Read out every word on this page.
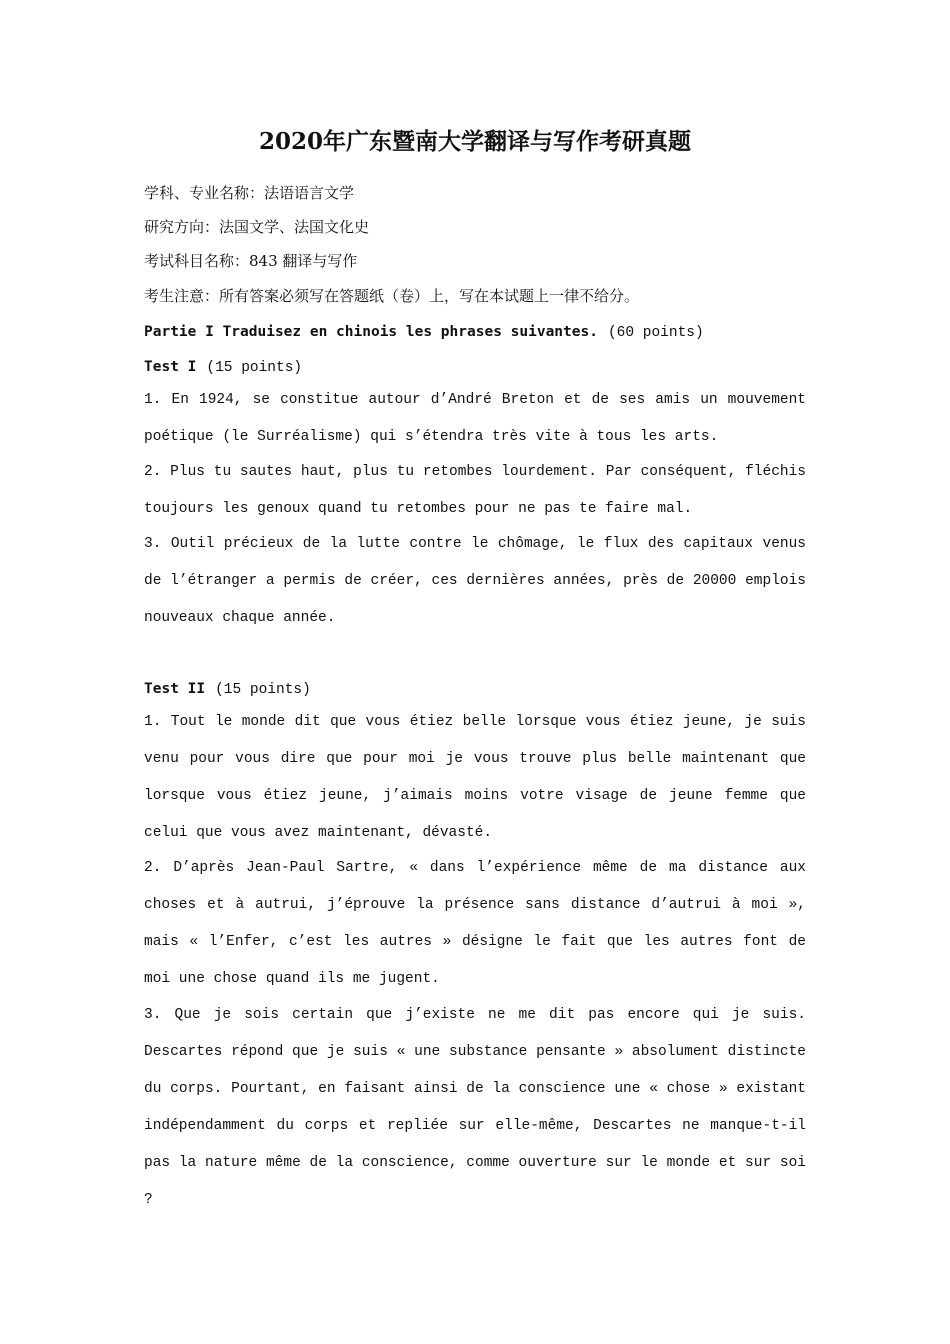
2020年广东暨南大学翻译与写作考研真题
学科、专业名称：法语语言文学
研究方向：法国文学、法国文化史
考试科目名称：843 翻译与写作
考生注意：所有答案必须写在答题纸（卷）上，写在本试题上一律不给分。
Partie I Traduisez en chinois les phrases suivantes. (60 points)
Test I (15 points)

1. En 1924, se constitue autour d’André Breton et de ses amis un mouvement poétique (le Surréalisme) qui s’étendra très vite à tous les arts.

2. Plus tu sautes haut, plus tu retombes lourdement. Par conséquent, fléchis toujours les genoux quand tu retombes pour ne pas te faire mal.

3. Outil précieux de la lutte contre le chômage, le flux des capitaux venus de l’étranger a permis de créer, ces dernières années, près de 20000 emplois nouveaux chaque année.

Test II (15 points)

1. Tout le monde dit que vous étiez belle lorsque vous étiez jeune, je suis venu pour vous dire que pour moi je vous trouve plus belle maintenant que lorsque vous étiez jeune, j’aimais moins votre visage de jeune femme que celui que vous avez maintenant, dévasté.

2. D’après Jean-Paul Sartre, « dans l’expérience même de ma distance aux choses et à autrui, j’éprouve la présence sans distance d’autrui à moi », mais « l’Enfer, c’est les autres » désigne le fait que les autres font de moi une chose quand ils me jugent.

3. Que je sois certain que j’existe ne me dit pas encore qui je suis. Descartes répond que je suis « une substance pensante » absolument distincte du corps. Pourtant, en faisant ainsi de la conscience une « chose » existant indépendamment du corps et repliée sur elle-même, Descartes ne manque-t-il pas la nature même de la conscience, comme ouverture sur le monde et sur soi ?
